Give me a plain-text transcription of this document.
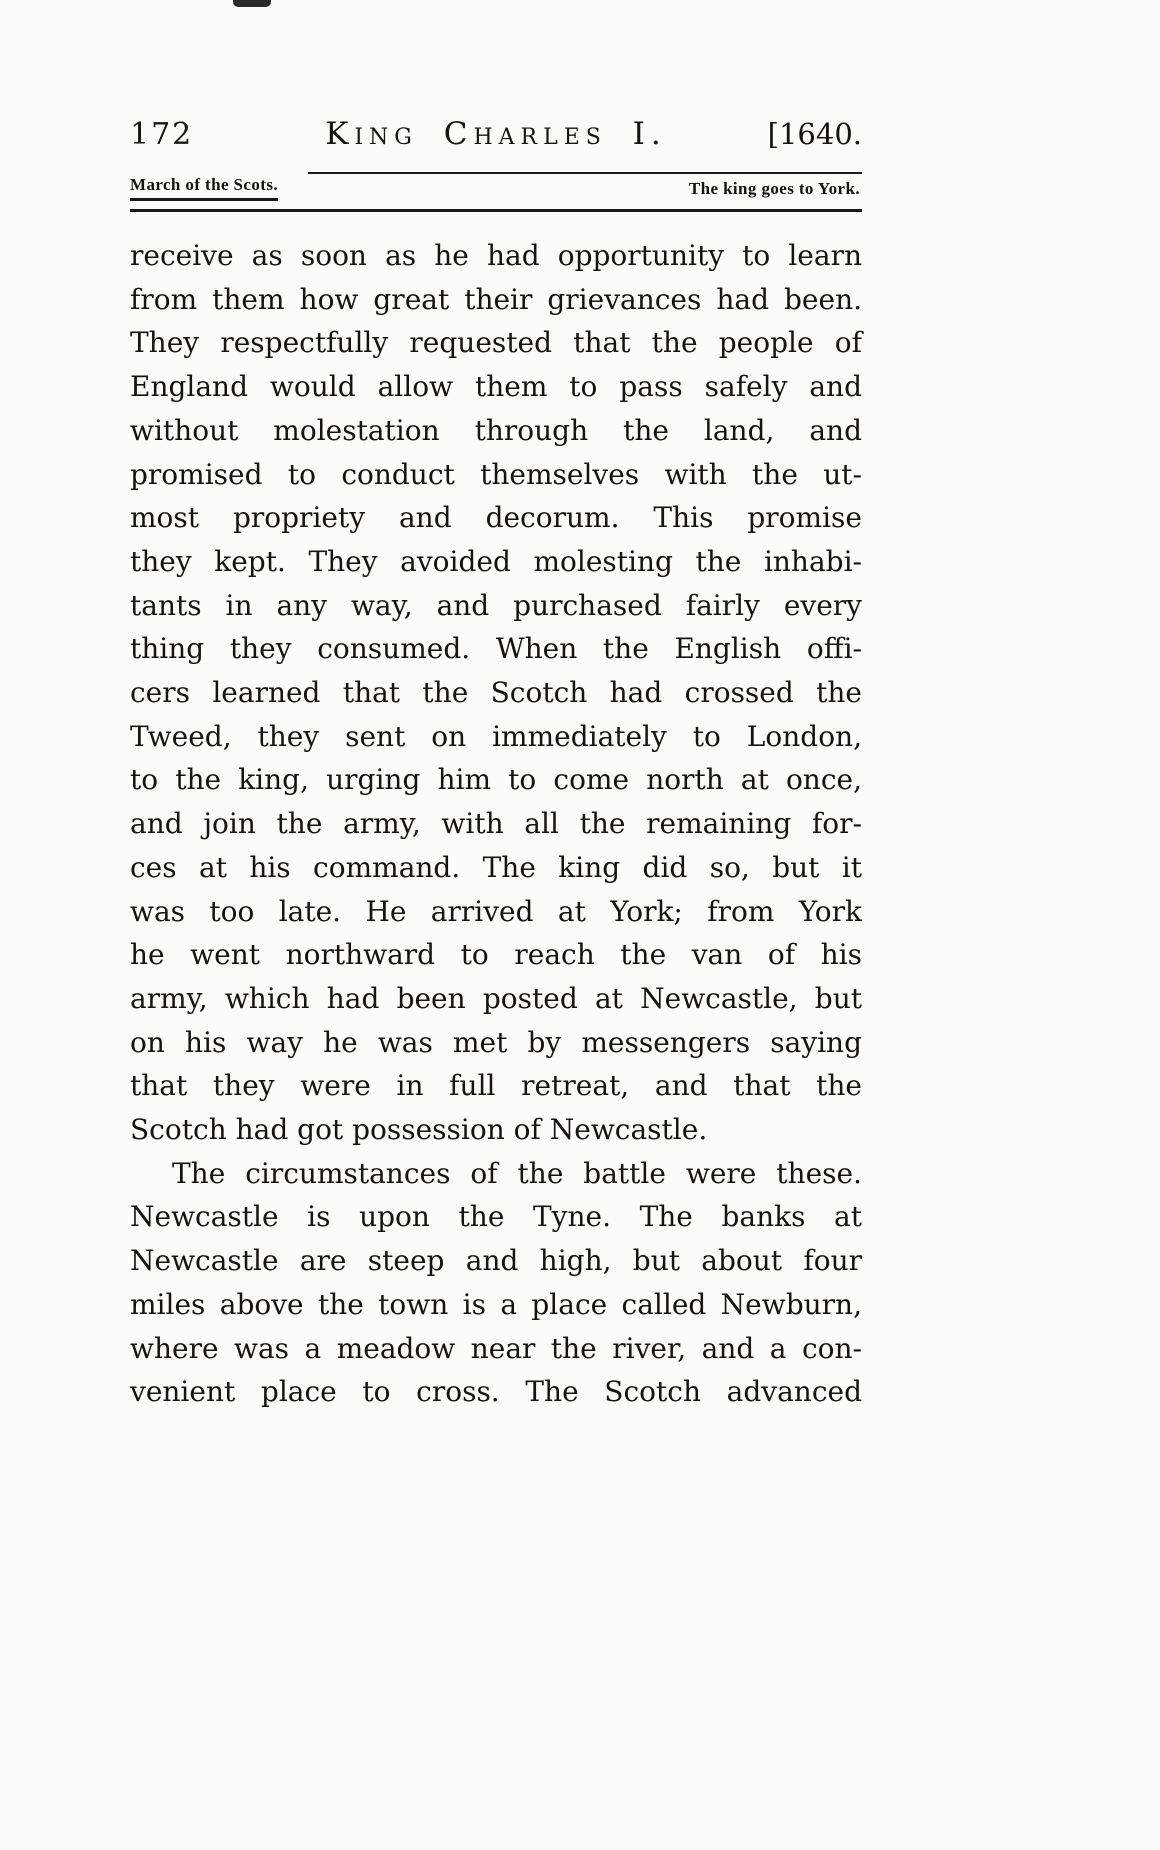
172	King Charles I.	[1640.
March of the Scots.	The king goes to York.
receive as soon as he had opportunity to learn
from them how great their grievances had been.
They respectfully requested that the people of
England would allow them to pass safely and
without molestation through the land, and
promised to conduct themselves with the ut-
most propriety and decorum. This promise
they kept. They avoided molesting the inhabi-
tants in any way, and purchased fairly every
thing they consumed. When the English offi-
cers learned that the Scotch had crossed the
Tweed, they sent on immediately to London,
to the king, urging him to come north at once,
and join the army, with all the remaining for-
ces at his command. The king did so, but it
was too late. He arrived at York; from York
he went northward to reach the van of his
army, which had been posted at Newcastle, but
on his way he was met by messengers saying
that they were in full retreat, and that the
Scotch had got possession of Newcastle.
The circumstances of the battle were these.
Newcastle is upon the Tyne. The banks at
Newcastle are steep and high, but about four
miles above the town is a place called Newburn,
where was a meadow near the river, and a con-
venient place to cross. The Scotch advanced
